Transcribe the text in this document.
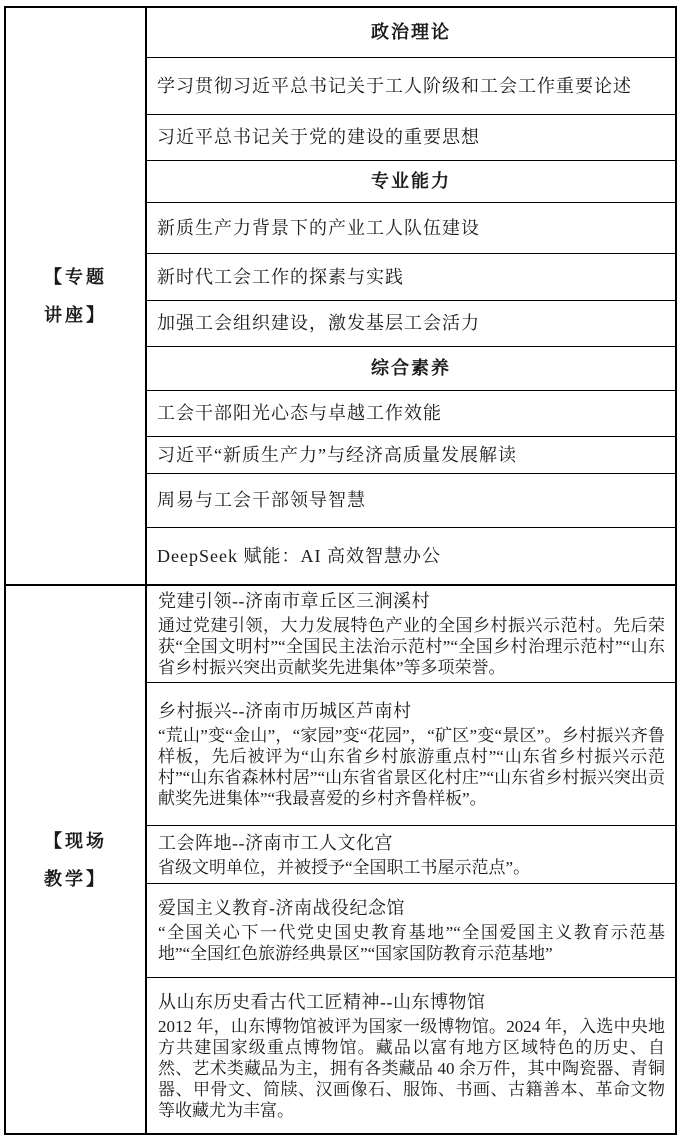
【专题
讲座】
政治理论
学习贯彻习近平总书记关于工人阶级和工会工作重要论述
习近平总书记关于党的建设的重要思想
专业能力
新质生产力背景下的产业工人队伍建设
新时代工会工作的探素与实践
加强工会组织建设，激发基层工会活力
综合素养
工会干部阳光心态与卓越工作效能
习近平“新质生产力”与经济高质量发展解读
周易与工会干部领导智慧
DeepSeek 赋能：AI 高效智慧办公
【现场
教学】
党建引领--济南市章丘区三涧溪村
通过党建引领，大力发展特色产业的全国乡村振兴示范村。先后荣获“全国文明村”“全国民主法治示范村”“全国乡村治理示范村”“山东省乡村振兴突出贡献奖先进集体”等多项荣誉。
乡村振兴--济南市历城区芦南村
“荒山”变“金山”，“家园”变“花园”，“矿区”变“景区”。乡村振兴齐鲁样板，先后被评为“山东省乡村旅游重点村”“山东省乡村振兴示范村”“山东省森林村居”“山东省省景区化村庄”“山东省乡村振兴突出贡献奖先进集体”“我最喜爱的乡村齐鲁样板”。
工会阵地--济南市工人文化宫
省级文明单位，并被授予“全国职工书屋示范点”。
爱国主义教育-济南战役纪念馆
“全国关心下一代党史国史教育基地”“全国爱国主义教育示范基地”“全国红色旅游经典景区”“国家国防教育示范基地”
从山东历史看古代工匠精神--山东博物馆
2012 年，山东博物馆被评为国家一级博物馆。2024 年，入选中央地方共建国家级重点博物馆。藏品以富有地方区域特色的历史、自然、艺术类藏品为主，拥有各类藏品 40 余万件，其中陶瓷器、青铜器、甲骨文、简牍、汉画像石、服饰、书画、古籍善本、革命文物等收藏尤为丰富。
